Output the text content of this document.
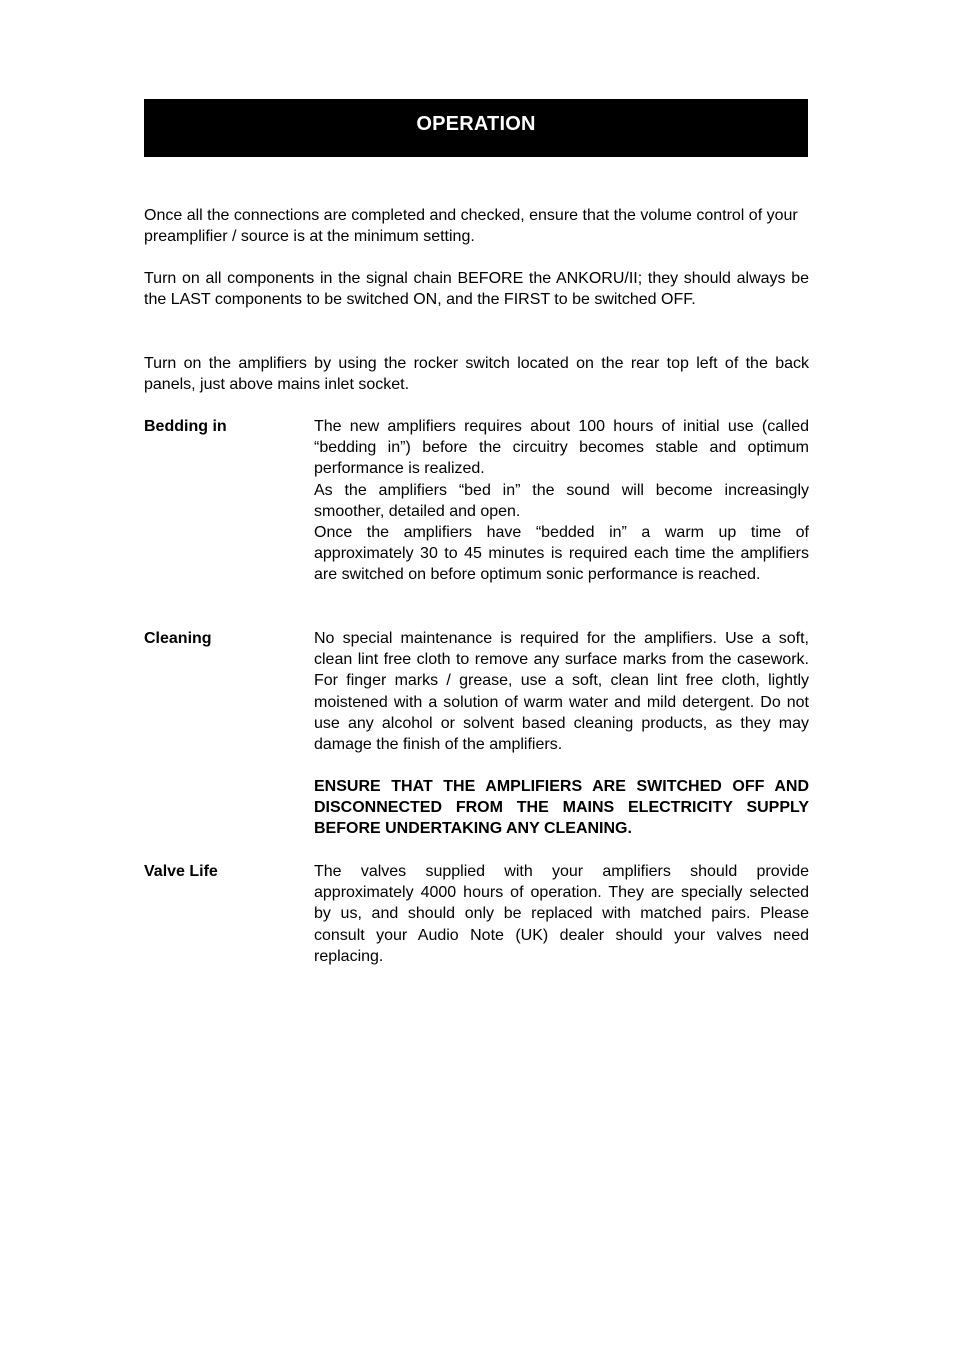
OPERATION

Once all the connections are completed and checked, ensure that the volume control of your preamplifier / source is at the minimum setting.

Turn on all components in the signal chain BEFORE the ANKORU/II; they should always be the LAST components to be switched ON, and the FIRST to be switched OFF.

Turn on the amplifiers by using the rocker switch located on the rear top left of the back panels, just above mains inlet socket.

Bedding in	The new amplifiers requires about 100 hours of initial use (called “bedding in”) before the circuitry becomes stable and optimum performance is realized.

As the amplifiers “bed in” the sound will become increasingly smoother, detailed and open.

Once the amplifiers have “bedded in” a warm up time of approximately 30 to 45 minutes is required each time the amplifiers are switched on before optimum sonic performance is reached.

Cleaning	No special maintenance is required for the amplifiers. Use a soft, clean lint free cloth to remove any surface marks from the casework. For finger marks / grease, use a soft, clean lint free cloth, lightly moistened with a solution of warm water and mild detergent. Do not use any alcohol or solvent based cleaning products, as they may damage the finish of the amplifiers.

ENSURE THAT THE AMPLIFIERS ARE SWITCHED OFF AND DISCONNECTED FROM THE MAINS ELECTRICITY SUPPLY BEFORE UNDERTAKING ANY CLEANING.

Valve Life	The valves supplied with your amplifiers should provide approximately 4000 hours of operation. They are specially selected by us, and should only be replaced with matched pairs. Please consult your Audio Note (UK) dealer should your valves need replacing.
